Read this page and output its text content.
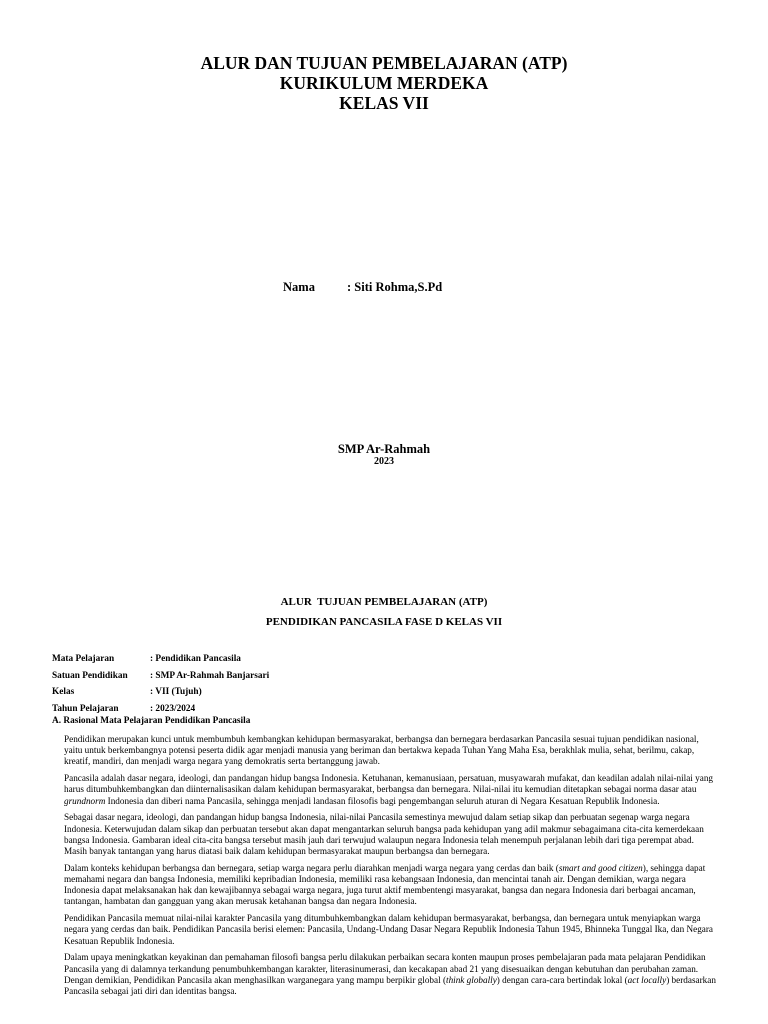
ALUR DAN TUJUAN PEMBELAJARAN (ATP)
KURIKULUM MERDEKA
KELAS VII
Nama	: Siti Rohma,S.Pd
SMP Ar-Rahmah
2023
ALUR  TUJUAN PEMBELAJARAN (ATP)
PENDIDIKAN PANCASILA FASE D KELAS VII
Mata Pelajaran	: Pendidikan Pancasila
Satuan Pendidikan	: SMP Ar-Rahmah Banjarsari
Kelas	: VII (Tujuh)
Tahun Pelajaran	: 2023/2024
A. Rasional Mata Pelajaran Pendidikan Pancasila

Pendidikan merupakan kunci untuk membumbuh kembangkan kehidupan bermasyarakat, berbangsa dan bernegara berdasarkan Pancasila sesuai tujuan pendidikan nasional, yaitu untuk berkembangnya potensi peserta didik agar menjadi manusia yang beriman dan bertakwa kepada Tuhan Yang Maha Esa, berakhlak mulia, sehat, berilmu, cakap, kreatif, mandiri, dan menjadi warga negara yang demokratis serta bertanggung jawab.

Pancasila adalah dasar negara, ideologi, dan pandangan hidup bangsa Indonesia. Ketuhanan, kemanusiaan, persatuan, musyawarah mufakat, dan keadilan adalah nilai-nilai yang harus ditumbuhkembangkan dan diinternalisasikan dalam kehidupan bermasyarakat, berbangsa dan bernegara. Nilai-nilai itu kemudian ditetapkan sebagai norma dasar atau grundnorm Indonesia dan diberi nama Pancasila, sehingga menjadi landasan filosofis bagi pengembangan seluruh aturan di Negara Kesatuan Republik Indonesia.

Sebagai dasar negara, ideologi, dan pandangan hidup bangsa Indonesia, nilai-nilai Pancasila semestinya mewujud dalam setiap sikap dan perbuatan segenap warga negara Indonesia. Keterwujudan dalam sikap dan perbuatan tersebut akan dapat mengantarkan seluruh bangsa pada kehidupan yang adil makmur sebagaimana cita-cita kemerdekaan bangsa Indonesia. Gambaran ideal cita-cita bangsa tersebut masih jauh dari terwujud walaupun negara Indonesia telah menempuh perjalanan lebih dari tiga perempat abad. Masih banyak tantangan yang harus diatasi baik dalam kehidupan bermasyarakat maupun berbangsa dan bernegara.

Dalam konteks kehidupan berbangsa dan bernegara, setiap warga negara perlu diarahkan menjadi warga negara yang cerdas dan baik (smart and good citizen), sehingga dapat memahami negara dan bangsa Indonesia, memiliki kepribadian Indonesia, memiliki rasa kebangsaan Indonesia, dan mencintai tanah air. Dengan demikian, warga negara Indonesia dapat melaksanakan hak dan kewajibannya sebagai warga negara, juga turut aktif membentengi masyarakat, bangsa dan negara Indonesia dari berbagai ancaman, tantangan, hambatan dan gangguan yang akan merusak ketahanan bangsa dan negara Indonesia.

Pendidikan Pancasila memuat nilai-nilai karakter Pancasila yang ditumbuhkembangkan dalam kehidupan bermasyarakat, berbangsa, dan bernegara untuk menyiapkan warga negara yang cerdas dan baik. Pendidikan Pancasila berisi elemen: Pancasila, Undang-Undang Dasar Negara Republik Indonesia Tahun 1945, Bhinneka Tunggal Ika, dan Negara Kesatuan Republik Indonesia.

Dalam upaya meningkatkan keyakinan dan pemahaman filosofi bangsa perlu dilakukan perbaikan secara konten maupun proses pembelajaran pada mata pelajaran Pendidikan Pancasila yang di dalamnya terkandung penumbuhkembangan karakter, literasinumerasi, dan kecakapan abad 21 yang disesuaikan dengan kebutuhan dan perubahan zaman. Dengan demikian, Pendidikan Pancasila akan menghasilkan warganegara yang mampu berpikir global (think globally) dengan cara-cara bertindak lokal (act locally) berdasarkan Pancasila sebagai jati diri dan identitas bangsa.
